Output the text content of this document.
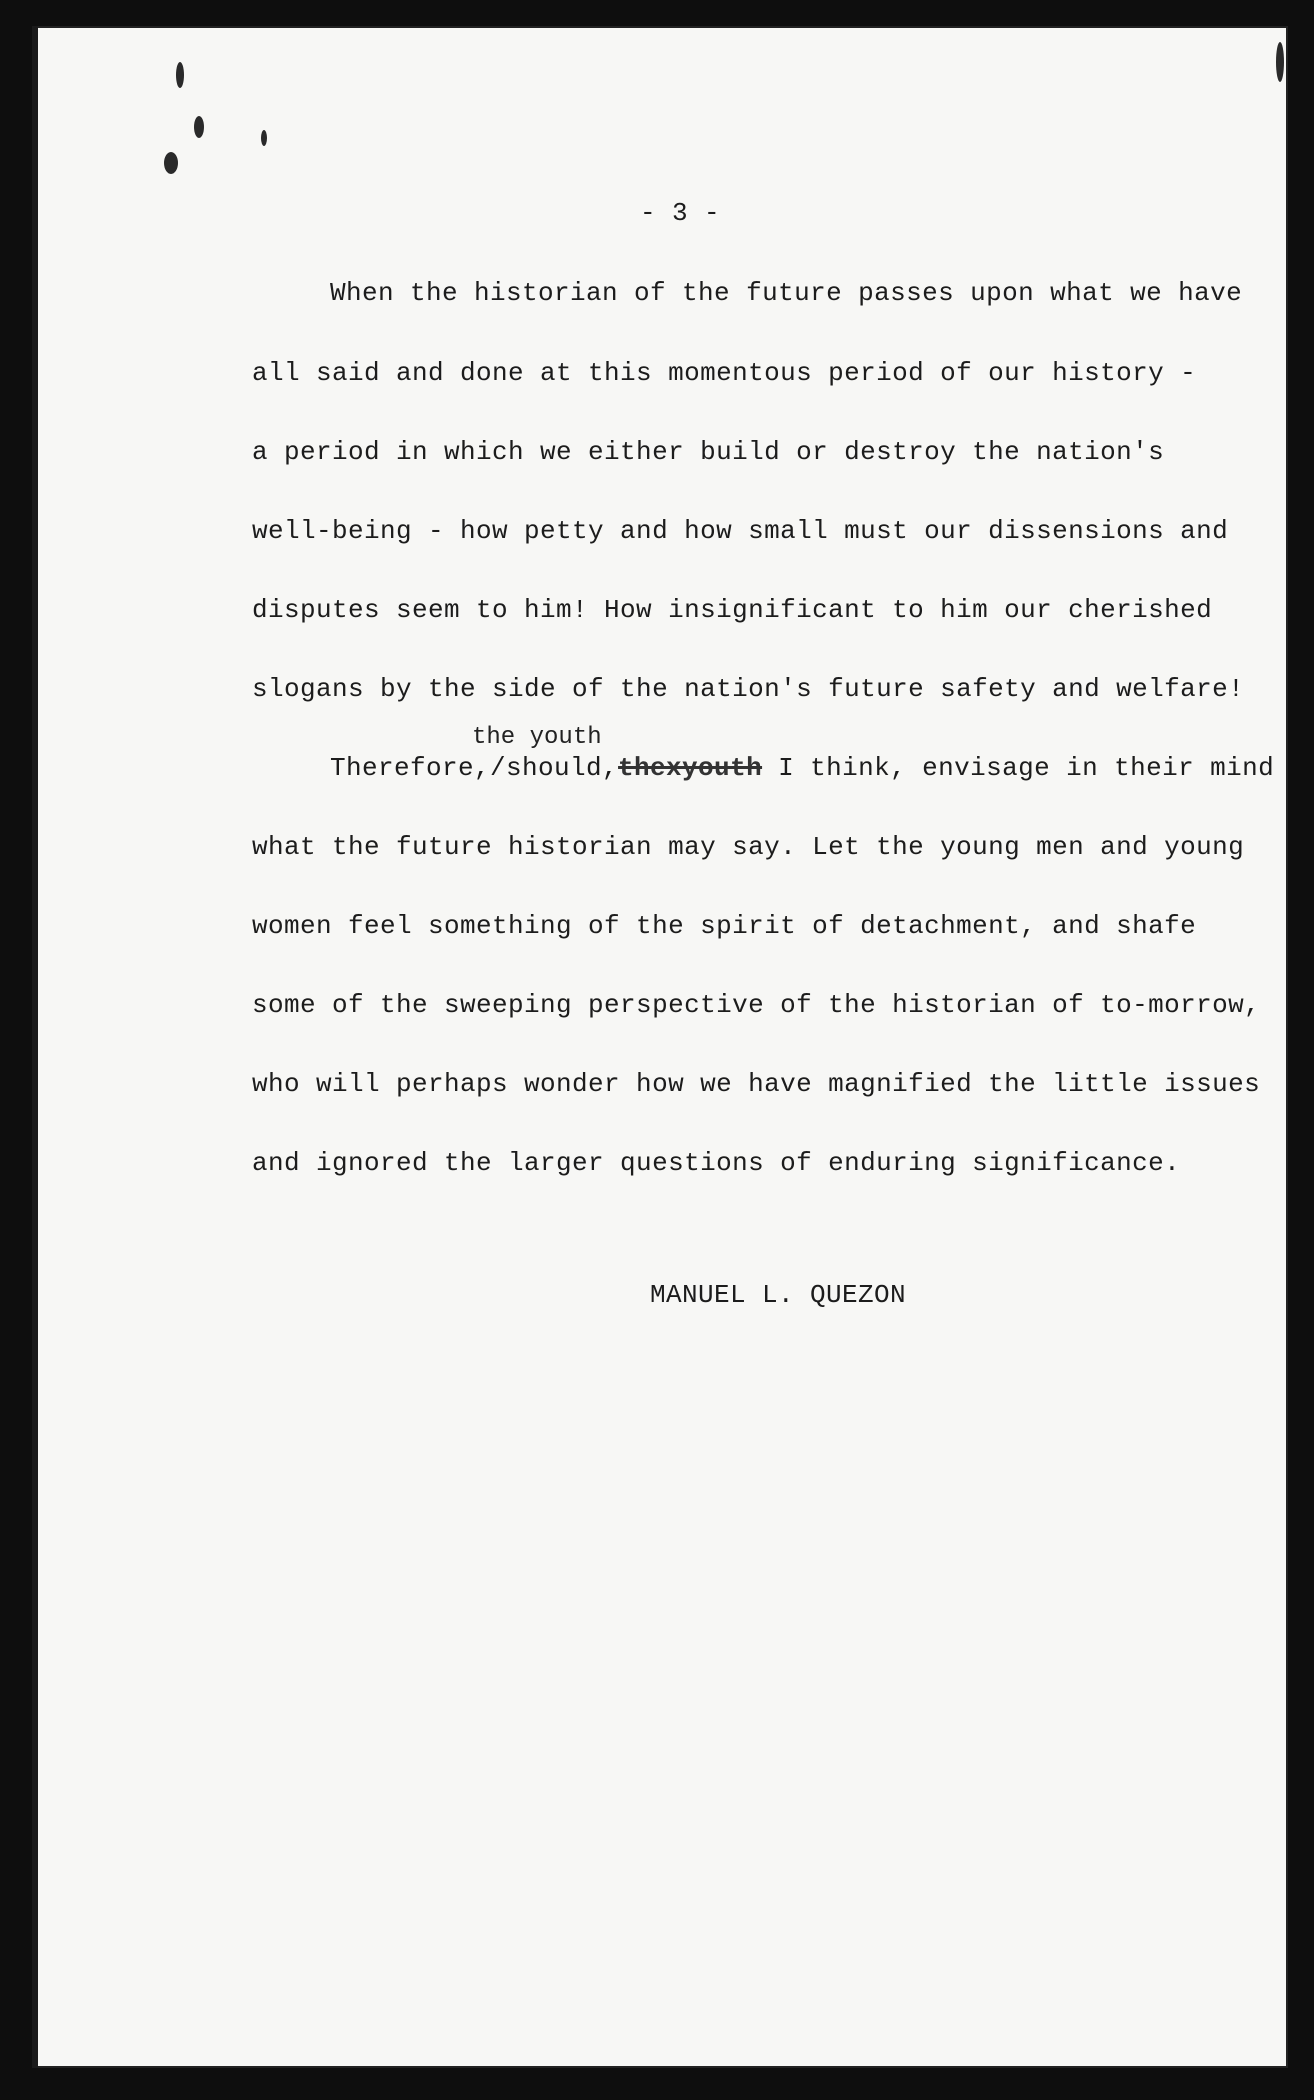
- 3 -
When the historian of the future passes upon what we have
all said and done at this momentous period of our history -
a period in which we either build or destroy the nation's
well-being - how petty and how small must our dissensions and
disputes seem to him! How insignificant to him our cherished
slogans by the side of the nation's future safety and welfare!
the youth
Therefore,/should,thexyouth I think, envisage in their mind
what the future historian may say. Let the young men and young
women feel something of the spirit of detachment, and shafe
some of the sweeping perspective of the historian of to-morrow,
who will perhaps wonder how we have magnified the little issues
and ignored the larger questions of enduring significance.
MANUEL L. QUEZON
